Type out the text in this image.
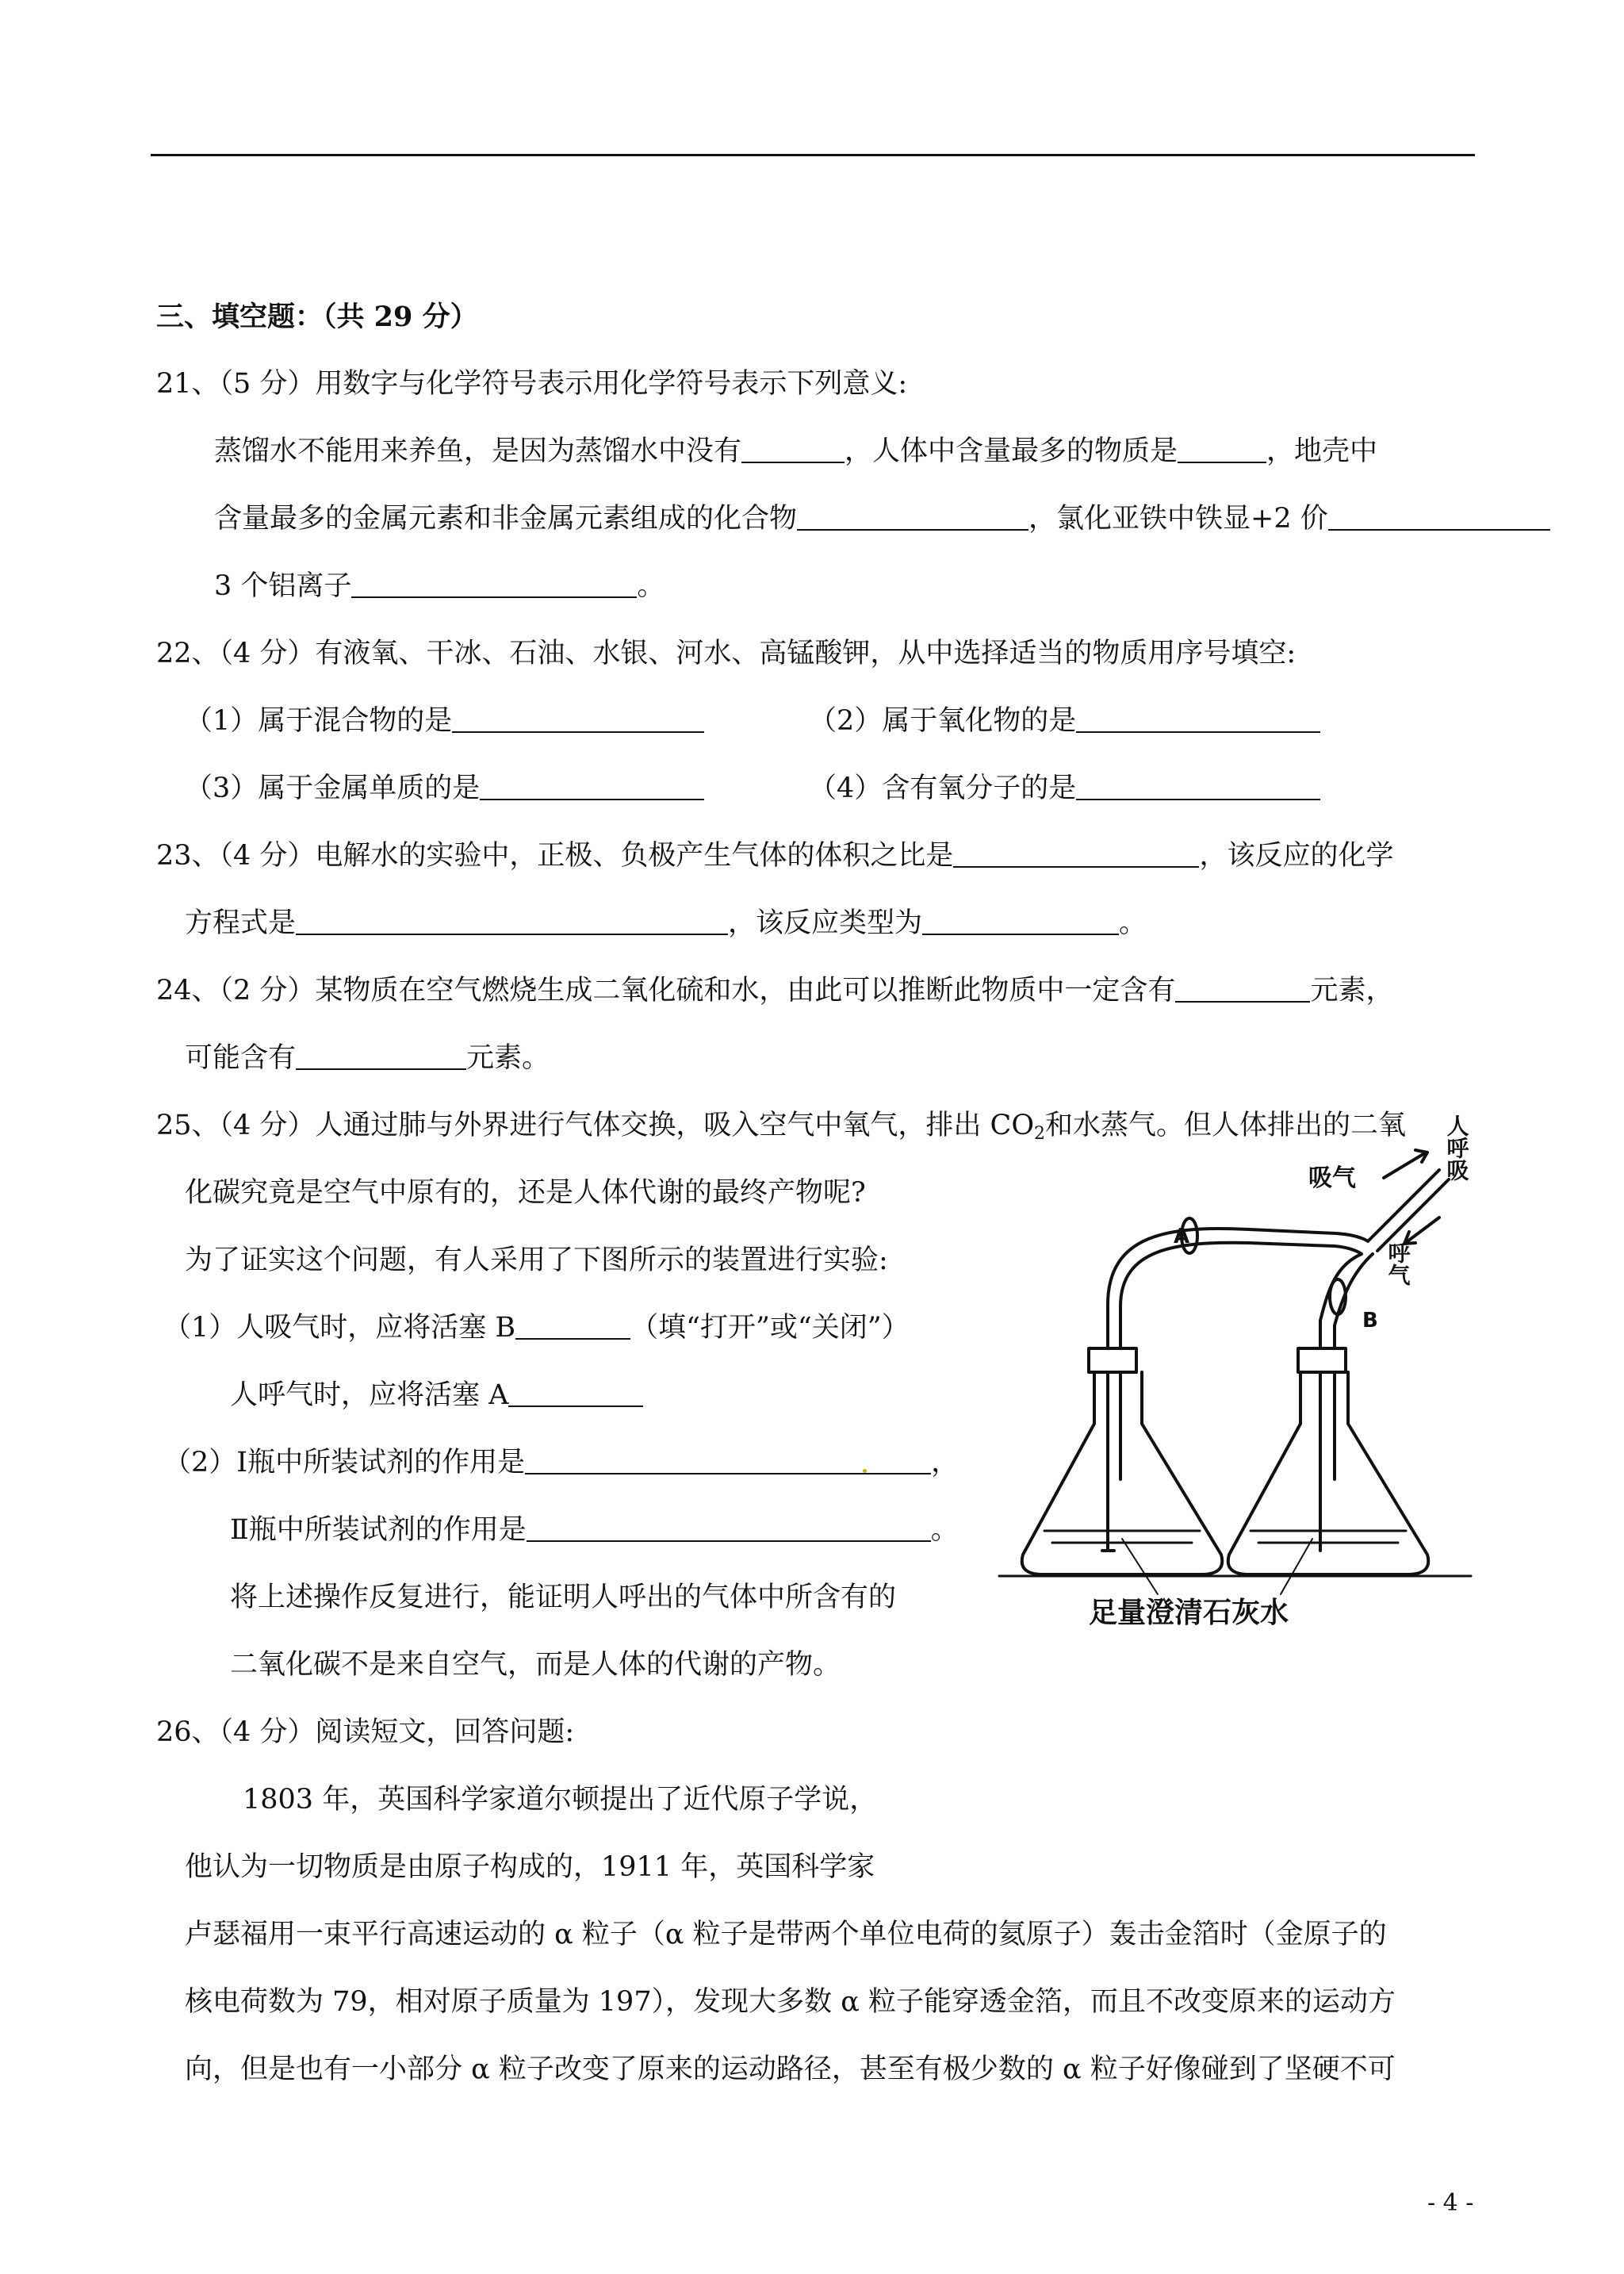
三、填空题：（共 29 分）
21、（5 分）用数字与化学符号表示用化学符号表示下列意义:
蒸馏水不能用来养鱼，是因为蒸馏水中没有	，人体中含量最多的物质是	，地壳中
含量最多的金属元素和非金属元素组成的化合物	，氯化亚铁中铁显+2 价
3 个铝离子	。
22、（4 分）有液氧、干冰、石油、水银、河水、高锰酸钾，从中选择适当的物质用序号填空:
（1）属于混合物的是	（2）属于氧化物的是
（3）属于金属单质的是	（4）含有氧分子的是
23、（4 分）电解水的实验中，正极、负极产生气体的体积之比是	，该反应的化学
方程式是	，该反应类型为	。
24、（2 分）某物质在空气燃烧生成二氧化硫和水，由此可以推断此物质中一定含有	元素，
可能含有	元素。
25、（4 分）人通过肺与外界进行气体交换，吸入空气中氧气，排出 $CO_2$和水蒸气。但人体排出的二氧
化碳究竟是空气中原有的，还是人体代谢的最终产物呢?
为了证实这个问题，有人采用了下图所示的装置进行实验:
（1）人吸气时，应将活塞 B	（填“打开”或“关闭”）
人呼气时，应将活塞 A
（2）Ⅰ瓶中所装试剂的作用是	，
Ⅱ瓶中所装试剂的作用是	。
将上述操作反复进行，能证明人呼出的气体中所含有的
二氧化碳不是来自空气，而是人体的代谢的产物。
A
B
吸气
呼气
人呼吸
足量澄清石灰水
26、（4 分）阅读短文，回答问题:
1803 年，英国科学家道尔顿提出了近代原子学说，
他认为一切物质是由原子构成的，1911 年，英国科学家
卢瑟福用一束平行高速运动的 α 粒子（α 粒子是带两个单位电荷的氦原子）轰击金箔时（金原子的
核电荷数为 79，相对原子质量为 197），发现大多数 α 粒子能穿透金箔，而且不改变原来的运动方
向，但是也有一小部分 α 粒子改变了原来的运动路径，甚至有极少数的 α 粒子好像碰到了坚硬不可
- 4 -
